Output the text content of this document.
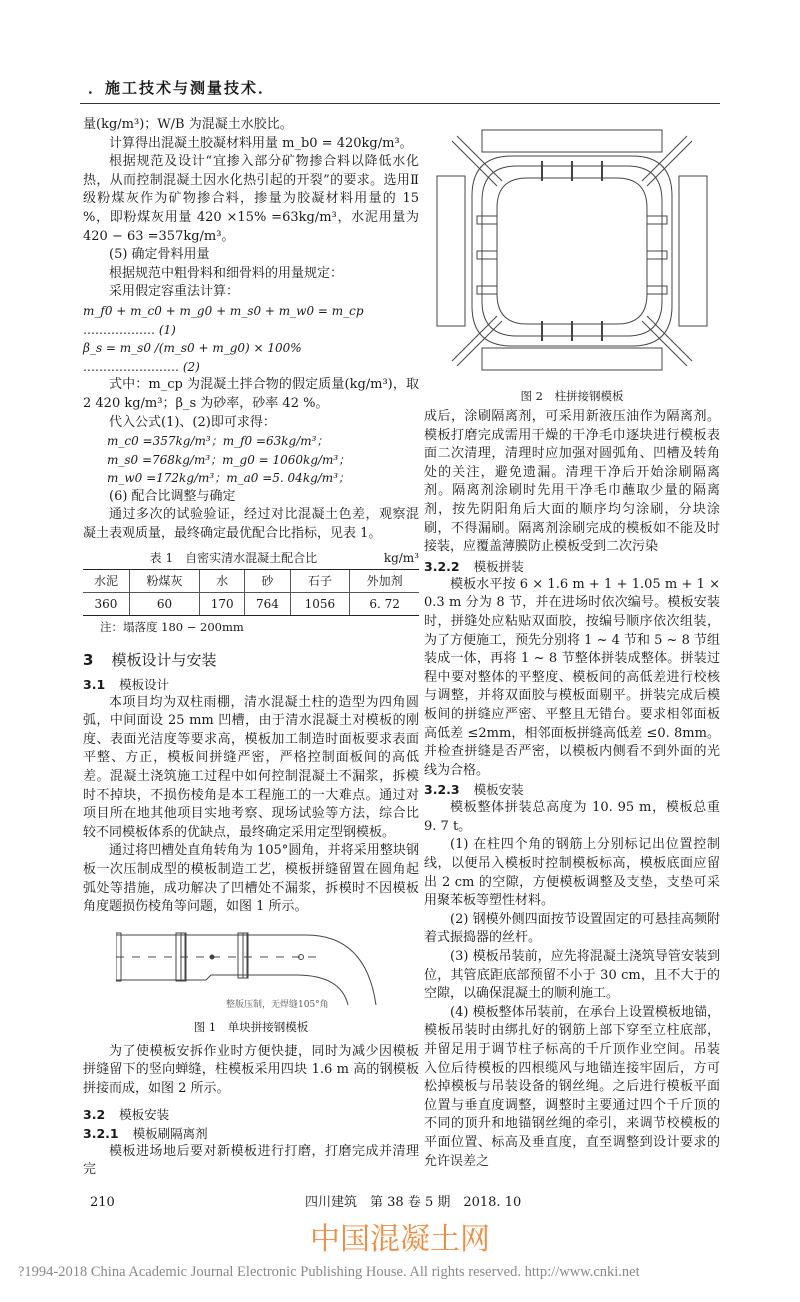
．施工技术与测量技术．

量(kg/m³)；W/B 为混凝土水胶比。

计算得出混凝土胶凝材料用量 m_b0 = 420kg/m³。

根据规范及设计“宜掺入部分矿物掺合料以降低水化热，从而控制混凝土因水化热引起的开裂”的要求。选用Ⅱ级粉煤灰作为矿物掺合料，掺量为胶凝材料用量的 15 %，即粉煤灰用量 420 ×15% =63kg/m³，水泥用量为 420 − 63 =357kg/m³。

(5) 确定骨料用量

根据规范中粗骨料和细骨料的用量规定：

采用假定容重法计算：

m_f0 + m_c0 + m_g0 + m_s0 + m_w0 = m_cp
……………… (1)
β_s = m_s0 /(m_s0 + m_g0) × 100%
…………………… (2)

式中：m_cp 为混凝土拌合物的假定质量(kg/m³)，取 2 420 kg/m³；β_s 为砂率，砂率 42 %。

代入公式(1)、(2)即可求得：

m_c0 =357kg/m³；m_f0 =63kg/m³；

m_s0 =768kg/m³；m_g0 = 1060kg/m³；

m_w0 =172kg/m³；m_a0 =5. 04kg/m³；

(6) 配合比调整与确定

通过多次的试验验证，经过对比混凝土色差，观察混凝土表观质量，最终确定最优配合比指标，见表 1。

表 1　自密实清水混凝土配合比	kg/m³
水泥	粉煤灰	水	砂	石子	外加剂
360	60	170	764	1056	6. 72
注：塌落度 180 − 200mm
3 模板设计与安装
3.1 模板设计

本项目均为双柱雨棚，清水混凝土柱的造型为四角圆弧，中间面设 25 mm 凹槽，由于清水混凝土对模板的刚度、表面光洁度等要求高，模板加工制造时面板要求表面平整、方正，模板间拼缝严密，严格控制面板间的高低差。混凝土浇筑施工过程中如何控制混凝土不漏浆，拆模时不掉块，不损伤棱角是本工程施工的一大难点。通过对项目所在地其他项目实地考察、现场试验等方法，综合比较不同模板体系的优缺点，最终确定采用定型钢模板。

通过将凹槽处直角转角为 105°圆角，并将采用整块钢板一次压制成型的模板制造工艺，模板拼缝留置在圆角起弧处等措施，成功解决了凹槽处不漏浆，拆模时不因模板角度题损伤棱角等问题，如图 1 所示。

整版压制，无焊缝105°角
图 1　单块拼接钢模板

为了使模板安拆作业时方便快捷，同时为减少因模板拼缝留下的竖向蝉缝，柱模板采用四块 1.6 m 高的钢模板拼接而成，如图 2 所示。

3.2 模板安装
3.2.1 模板刷隔离剂

模板进场地后要对新模板进行打磨，打磨完成并清理完

图 2　柱拼接钢模板

成后，涂刷隔离剂，可采用新液压油作为隔离剂。模板打磨完成需用干燥的干净毛巾逐块进行模板表面二次清理，清理时应加强对圆弧角、凹槽及转角处的关注，避免遗漏。清理干净后开始涂刷隔离剂。隔离剂涂刷时先用干净毛巾蘸取少量的隔离剂，按先阴阳角后大面的顺序均匀涂刷，分块涂刷，不得漏刷。隔离剂涂刷完成的模板如不能及时接装，应覆盖薄膜防止模板受到二次污染

3.2.2 模板拼装

模板水平按 6 × 1.6 m + 1 + 1.05 m + 1 × 0.3 m 分为 8 节，并在进场时依次编号。模板安装时，拼缝处应粘贴双面胶，按编号顺序依次组装，为了方便施工，预先分别将 1 ~ 4 节和 5 ~ 8 节组装成一体，再将 1 ~ 8 节整体拼装成整体。拼装过程中要对整体的平整度、模板间的高低差进行校核与调整，并将双面胶与模板面剔平。拼装完成后模板间的拼缝应严密、平整且无错台。要求相邻面板高低差 ≤2mm，相邻面板拼缝高低差 ≤0. 8mm。并检查拼缝是否严密，以模板内侧看不到外面的光线为合格。

3.2.3 模板安装

模板整体拼装总高度为 10. 95 m，模板总重 9. 7 t。

(1) 在柱四个角的钢筋上分别标记出位置控制线，以便吊入模板时控制模板标高，模板底面应留出 2 cm 的空隙，方便模板调整及支垫，支垫可采用聚苯板等塑性材料。

(2) 钢模外侧四面按节设置固定的可悬挂高频附着式振捣器的丝杆。

(3) 模板吊装前，应先将混凝土浇筑导管安装到位，其管底距底部预留不小于 30 cm，且不大于的空隙，以确保混凝土的顺利施工。

(4) 模板整体吊装前，在承台上设置模板地锚，模板吊装时由绑扎好的钢筋上部下穿至立柱底部，并留足用于调节柱子标高的千斤顶作业空间。吊装入位后待模板的四根缆风与地锚连接牢固后，方可松掉模板与吊装设备的钢丝绳。之后进行模板平面位置与垂直度调整，调整时主要通过四个千斤顶的不同的顶升和地锚钢丝绳的牵引，来调节校模板的平面位置、标高及垂直度，直至调整到设计要求的允许误差之

210	四川建筑　第 38 卷 5 期　2018. 10
中国混凝土网
?1994-2018 China Academic Journal Electronic Publishing House. All rights reserved. http://www.cnki.net
